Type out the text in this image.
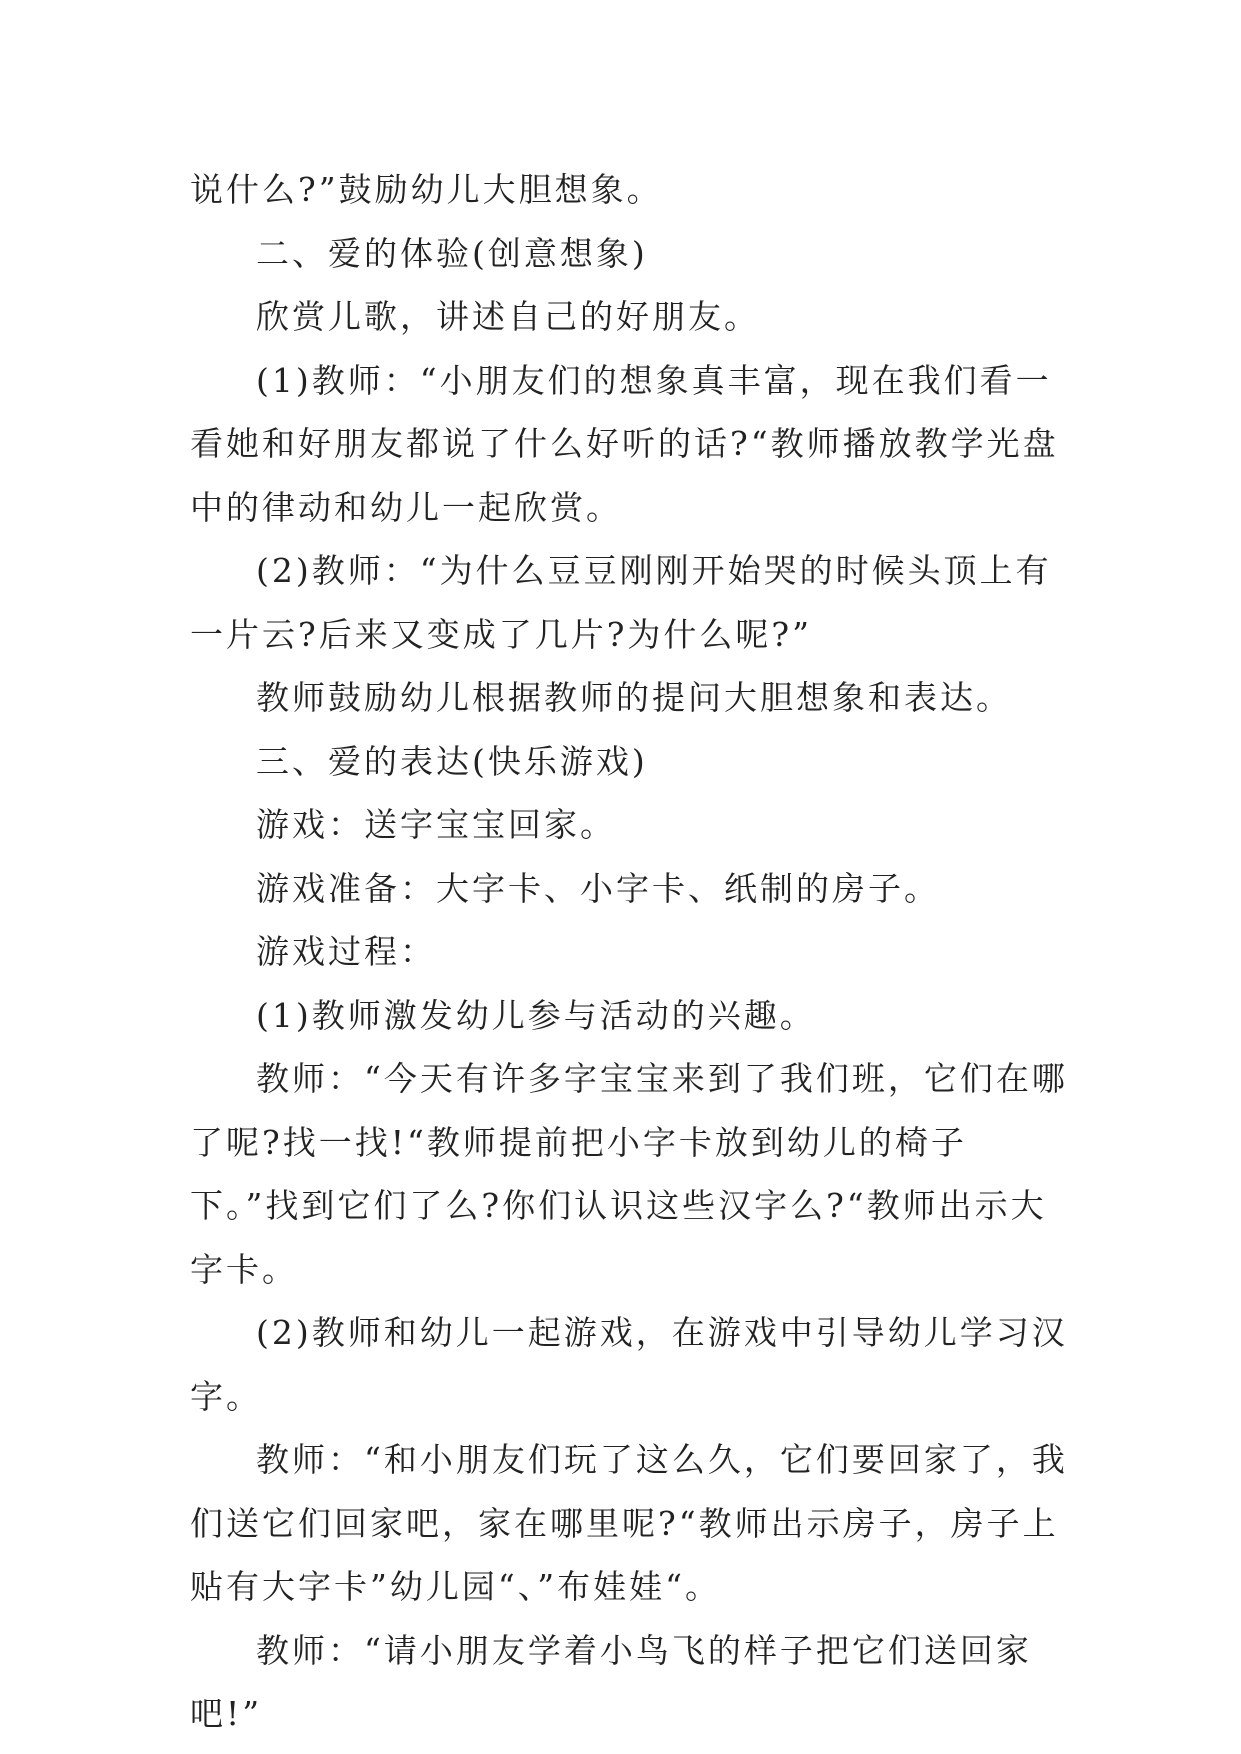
说什么?”鼓励幼儿大胆想象。

二、爱的体验(创意想象)

欣赏儿歌，讲述自己的好朋友。

(1)教师：“小朋友们的想象真丰富，现在我们看一看她和好朋友都说了什么好听的话?“教师播放教学光盘中的律动和幼儿一起欣赏。

(2)教师：“为什么豆豆刚刚开始哭的时候头顶上有一片云?后来又变成了几片?为什么呢?”

教师鼓励幼儿根据教师的提问大胆想象和表达。

三、爱的表达(快乐游戏)

游戏：送字宝宝回家。

游戏准备：大字卡、小字卡、纸制的房子。

游戏过程：

(1)教师激发幼儿参与活动的兴趣。

教师：“今天有许多字宝宝来到了我们班，它们在哪了呢?找一找!“教师提前把小字卡放到幼儿的椅子下。”找到它们了么?你们认识这些汉字么?“教师出示大字卡。

(2)教师和幼儿一起游戏，在游戏中引导幼儿学习汉字。

教师：“和小朋友们玩了这么久，它们要回家了，我们送它们回家吧，家在哪里呢?“教师出示房子，房子上贴有大字卡”幼儿园“、”布娃娃“。

教师：“请小朋友学着小鸟飞的样子把它们送回家吧!”
